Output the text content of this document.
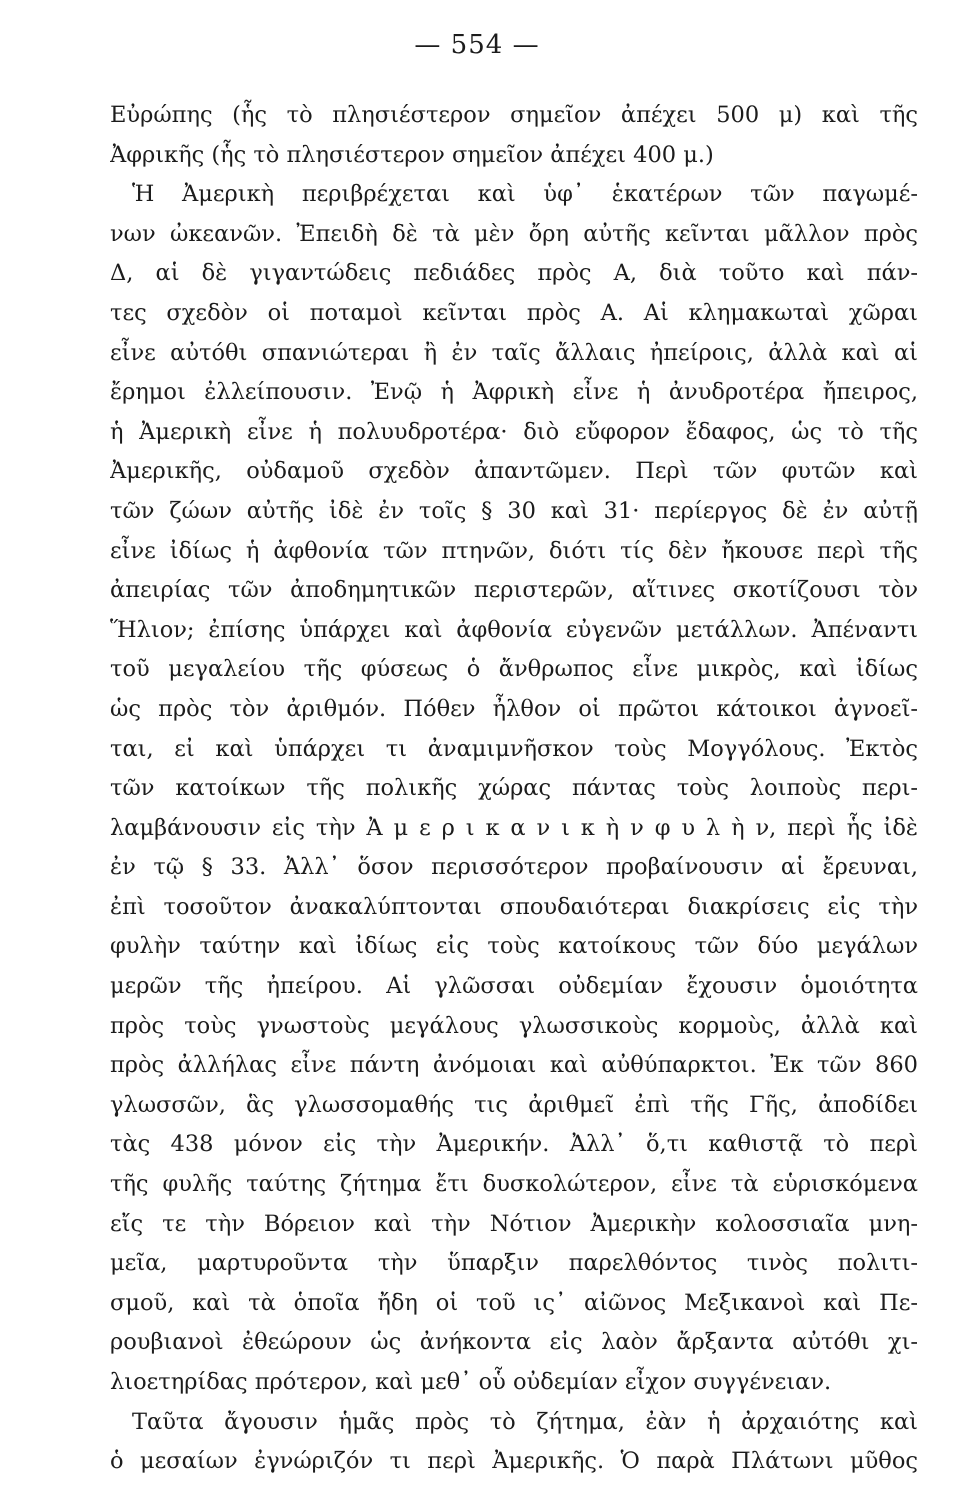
— 554 —
Εὐρώπης (ἧς τὸ πλησιέστερον σημεῖον ἀπέχει 500 μ) καὶ τῆς
Ἀφρικῆς (ἧς τὸ πλησιέστερον σημεῖον ἀπέχει 400 μ.)
Ἡ Ἀμερικὴ περιβρέχεται καὶ ὑφ᾽ ἑκατέρων τῶν παγωμέ-
νων ὠκεανῶν. Ἐπειδὴ δὲ τὰ μὲν ὄρη αὐτῆς κεῖνται μᾶλλον πρὸς
Δ, αἱ δὲ γιγαντώδεις πεδιάδες πρὸς Α, διὰ τοῦτο καὶ πάν-
τες σχεδὸν οἱ ποταμοὶ κεῖνται πρὸς Α. Αἱ κλημακωταὶ χῶραι
εἶνε αὐτόθι σπανιώτεραι ἢ ἐν ταῖς ἄλλαις ἠπείροις, ἀλλὰ καὶ αἱ
ἔρημοι ἐλλείπουσιν. Ἐνῷ ἡ Ἀφρικὴ εἶνε ἡ ἀνυδροτέρα ἤπειρος,
ἡ Ἀμερικὴ εἶνε ἡ πολυυδροτέρα· διὸ εὔφορον ἔδαφος, ὡς τὸ τῆς
Ἀμερικῆς, οὐδαμοῦ σχεδὸν ἀπαντῶμεν. Περὶ τῶν φυτῶν καὶ
τῶν ζώων αὐτῆς ἰδὲ ἐν τοῖς § 30 καὶ 31· περίεργος δὲ ἐν αὐτῇ
εἶνε ἰδίως ἡ ἀφθονία τῶν πτηνῶν, διότι τίς δὲν ἤκουσε περὶ τῆς
ἀπειρίας τῶν ἀποδημητικῶν περιστερῶν, αἵτινες σκοτίζουσι τὸν
Ἥλιον; ἐπίσης ὑπάρχει καὶ ἀφθονία εὐγενῶν μετάλλων. Ἀπέναντι
τοῦ μεγαλείου τῆς φύσεως ὁ ἄνθρωπος εἶνε μικρὸς, καὶ ἰδίως
ὡς πρὸς τὸν ἀριθμόν. Πόθεν ἦλθον οἱ πρῶτοι κάτοικοι ἀγνοεῖ-
ται, εἰ καὶ ὑπάρχει τι ἀναμιμνῆσκον τοὺς Μογγόλους. Ἐκτὸς
τῶν κατοίκων τῆς πολικῆς χώρας πάντας τοὺς λοιποὺς περι-
λαμβάνουσιν εἰς τὴν Ἀ μ ε ρ ι κ α ν ι κ ὴ ν φ υ λ ὴ ν, περὶ ἧς ἰδὲ
ἐν τῷ § 33. Ἀλλ᾽ ὅσον περισσότερον προβαίνουσιν αἱ ἔρευναι,
ἐπὶ τοσοῦτον ἀνακαλύπτονται σπουδαιότεραι διακρίσεις εἰς τὴν
φυλὴν ταύτην καὶ ἰδίως εἰς τοὺς κατοίκους τῶν δύο μεγάλων
μερῶν τῆς ἠπείρου. Αἱ γλῶσσαι οὐδεμίαν ἔχουσιν ὁμοιότητα
πρὸς τοὺς γνωστοὺς μεγάλους γλωσσικοὺς κορμοὺς, ἀλλὰ καὶ
πρὸς ἀλλήλας εἶνε πάντη ἀνόμοιαι καὶ αὐθύπαρκτοι. Ἐκ τῶν 860
γλωσσῶν, ἃς γλωσσομαθής τις ἀριθμεῖ ἐπὶ τῆς Γῆς, ἀποδίδει
τὰς 438 μόνον εἰς τὴν Ἀμερικήν. Ἀλλ᾽ ὅ,τι καθιστᾷ τὸ περὶ
τῆς φυλῆς ταύτης ζήτημα ἔτι δυσκολώτερον, εἶνε τὰ εὑρισκόμενα
εἴς τε τὴν Βόρειον καὶ τὴν Νότιον Ἀμερικὴν κολοσσιαῖα μνη-
μεῖα, μαρτυροῦντα τὴν ὕπαρξιν παρελθόντος τινὸς πολιτι-
σμοῦ, καὶ τὰ ὁποῖα ἤδη οἱ τοῦ ις᾽ αἰῶνος Μεξικανοὶ καὶ Πε-
ρουβιανοὶ ἐθεώρουν ὡς ἀνήκοντα εἰς λαὸν ἄρξαντα αὐτόθι χι-
λιοετηρίδας πρότερον, καὶ μεθ᾽ οὗ οὐδεμίαν εἶχον συγγένειαν.
Ταῦτα ἄγουσιν ἡμᾶς πρὸς τὸ ζήτημα, ἐὰν ἡ ἀρχαιότης καὶ
ὁ μεσαίων ἐγνώριζόν τι περὶ Ἀμερικῆς. Ὁ παρὰ Πλάτωνι μῦθος
